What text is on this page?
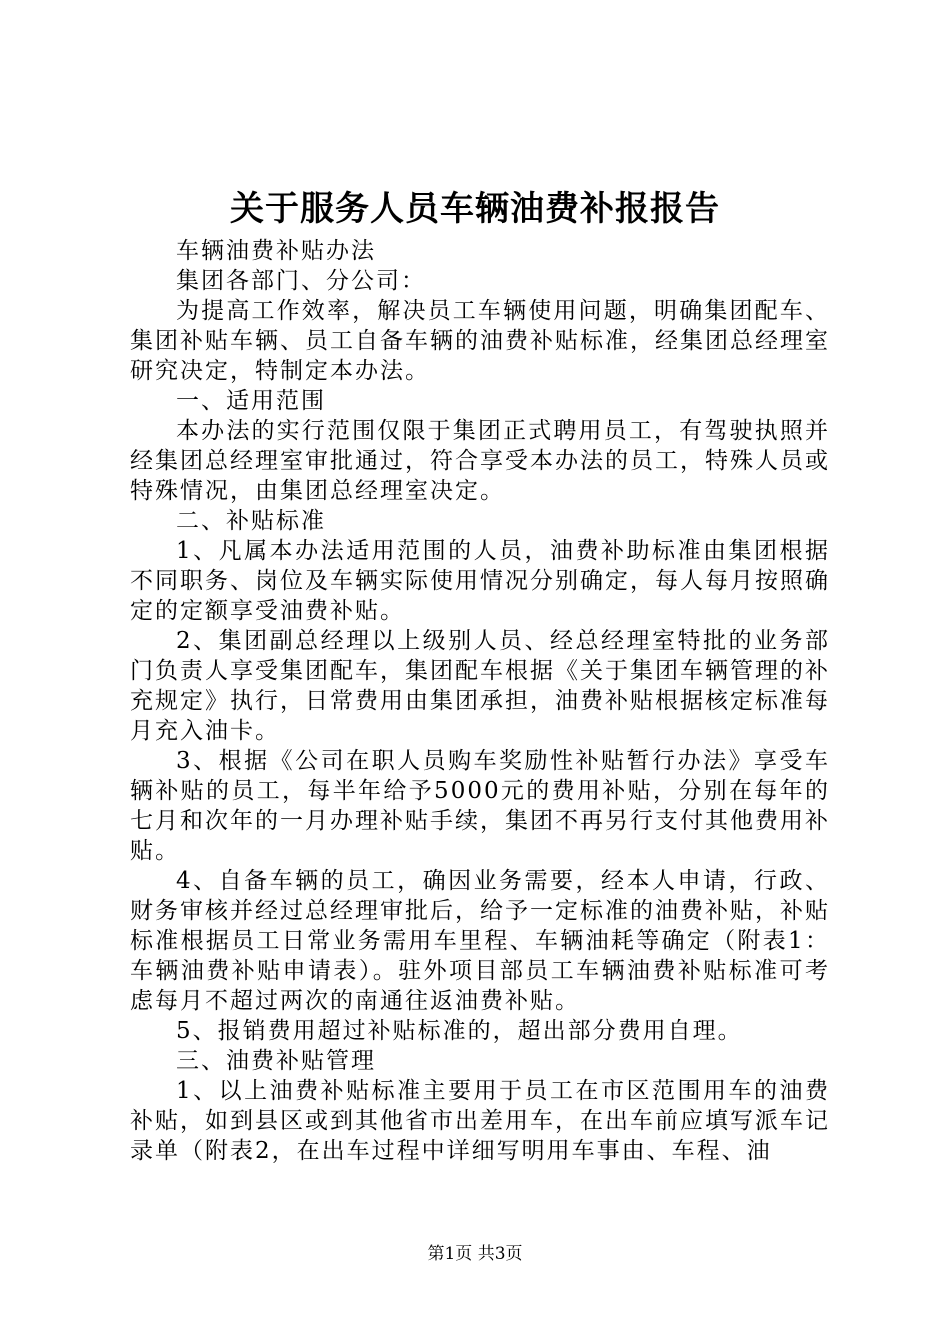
关于服务人员车辆油费补报报告

车辆油费补贴办法

集团各部门、分公司：

为提高工作效率，解决员工车辆使用问题，明确集团配车、集团补贴车辆、员工自备车辆的油费补贴标准，经集团总经理室研究决定，特制定本办法。

一、适用范围

本办法的实行范围仅限于集团正式聘用员工，有驾驶执照并经集团总经理室审批通过，符合享受本办法的员工，特殊人员或特殊情况，由集团总经理室决定。

二、补贴标准

1、凡属本办法适用范围的人员，油费补助标准由集团根据不同职务、岗位及车辆实际使用情况分别确定，每人每月按照确定的定额享受油费补贴。

2、集团副总经理以上级别人员、经总经理室特批的业务部门负责人享受集团配车，集团配车根据《关于集团车辆管理的补充规定》执行，日常费用由集团承担，油费补贴根据核定标准每月充入油卡。

3、根据《公司在职人员购车奖励性补贴暂行办法》享受车辆补贴的员工，每半年给予5000元的费用补贴，分别在每年的七月和次年的一月办理补贴手续，集团不再另行支付其他费用补贴。

4、自备车辆的员工，确因业务需要，经本人申请，行政、财务审核并经过总经理审批后，给予一定标准的油费补贴，补贴标准根据员工日常业务需用车里程、车辆油耗等确定（附表1：车辆油费补贴申请表）。驻外项目部员工车辆油费补贴标准可考虑每月不超过两次的南通往返油费补贴。

5、报销费用超过补贴标准的，超出部分费用自理。

三、油费补贴管理

1、以上油费补贴标准主要用于员工在市区范围用车的油费补贴，如到县区或到其他省市出差用车，在出车前应填写派车记录单（附表2，在出车过程中详细写明用车事由、车程、油

第1页 共3页
